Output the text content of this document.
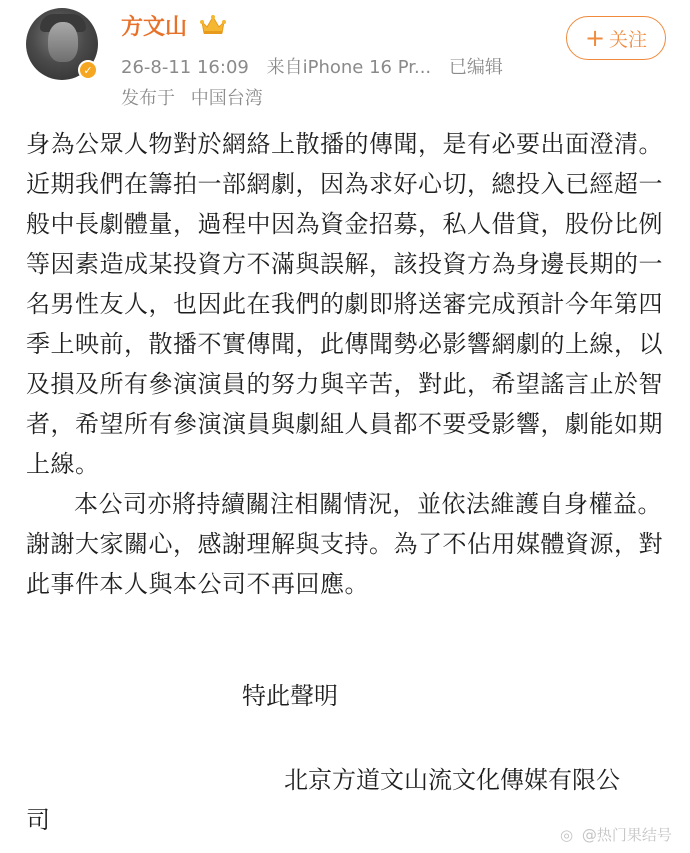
✓
方文山
26-8-11 16:09 来自iPhone 16 Pr... 已编辑
发布于 中国台湾
+ 关注

身為公眾人物對於網絡上散播的傳聞，是有必要出面澄清。近期我們在籌拍一部網劇，因為求好心切，總投入已經超一般中長劇體量，過程中因為資金招募，私人借貸，股份比例等因素造成某投資方不滿與誤解，該投資方為身邊長期的一名男性友人，也因此在我們的劇即將送審完成預計今年第四季上映前，散播不實傳聞，此傳聞勢必影響網劇的上線，以及損及所有參演演員的努力與辛苦，對此，希望謠言止於智者，希望所有參演演員與劇組人員都不要受影響，劇能如期上線。

本公司亦將持續關注相關情況，並依法維護自身權益。謝謝大家關心，感謝理解與支持。為了不佔用媒體資源，對此事件本人與本公司不再回應。

特此聲明
北京方道文山流文化傳媒有限公
司
◎ @热门果结号
